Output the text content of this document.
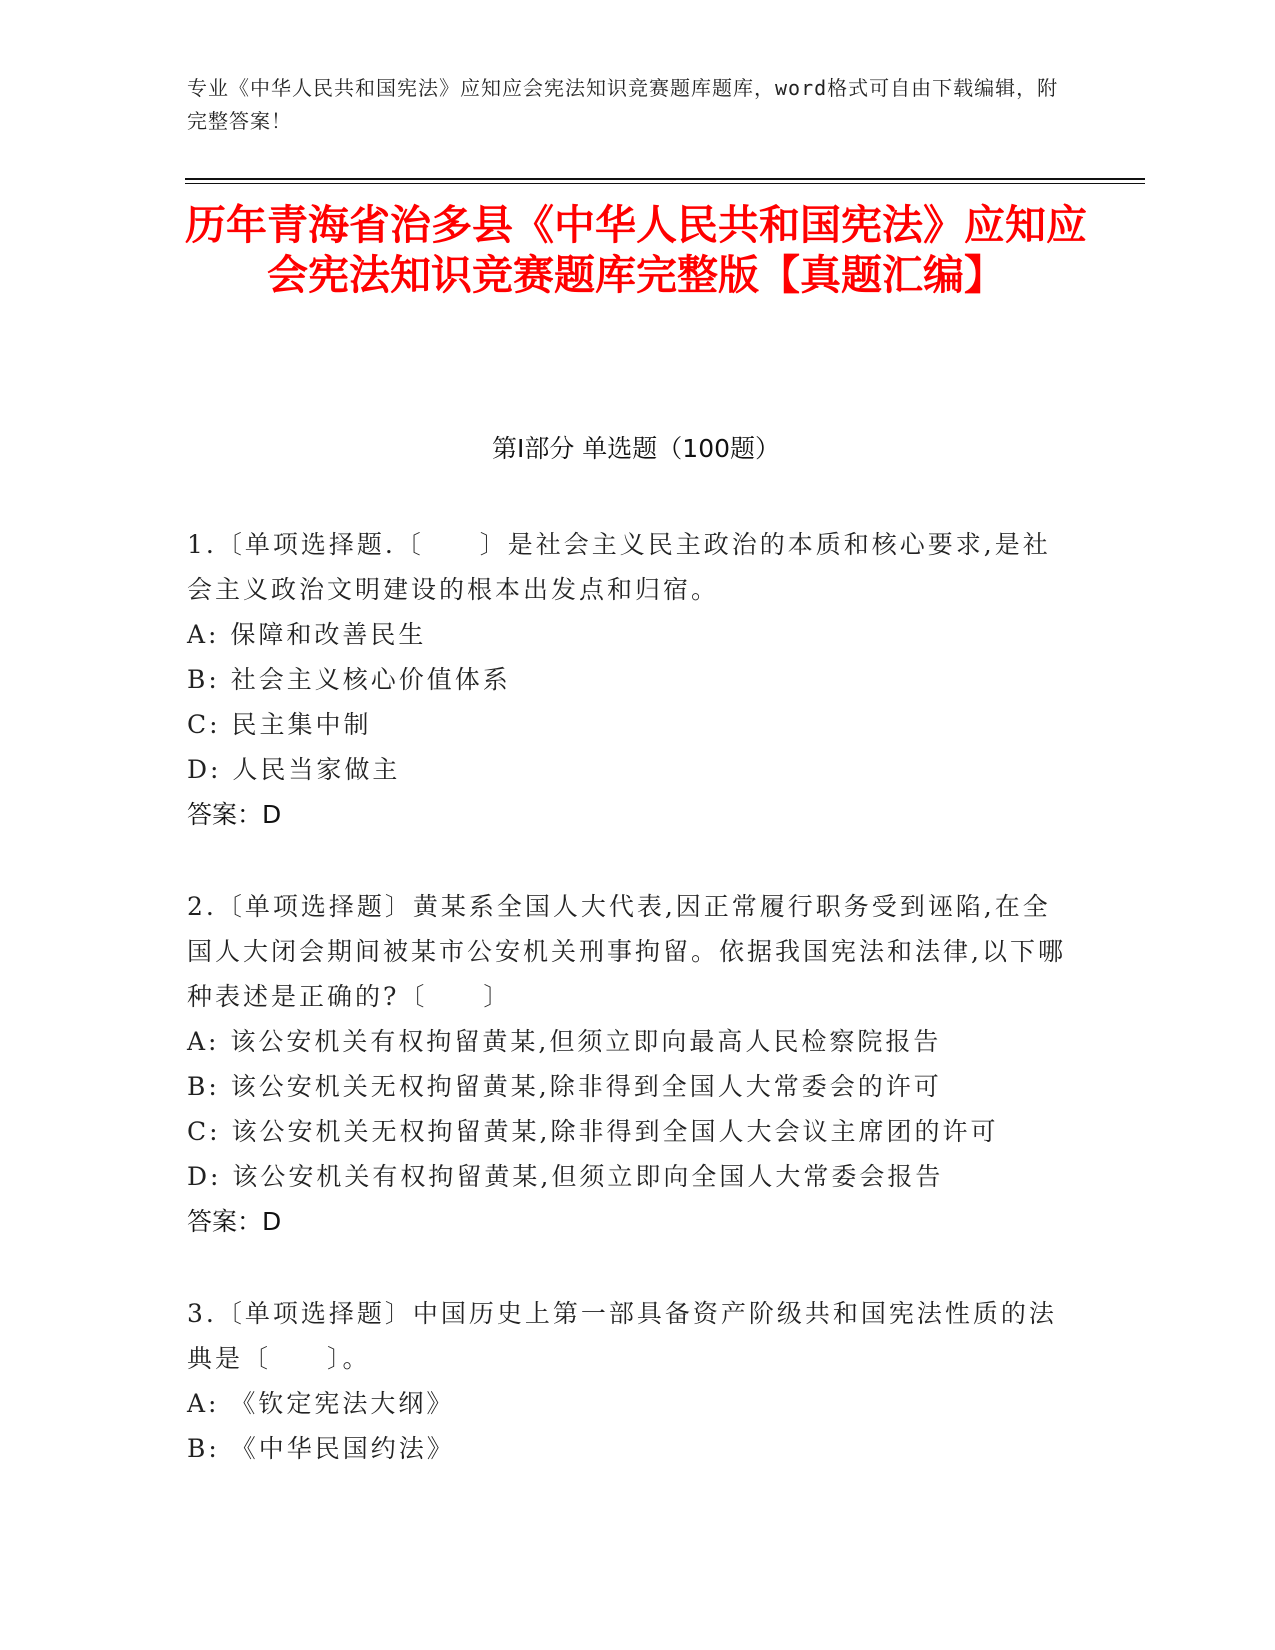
专业《中华人民共和国宪法》应知应会宪法知识竞赛题库题库，word格式可自由下载编辑，附完整答案！
历年青海省治多县《中华人民共和国宪法》应知应会宪法知识竞赛题库完整版【真题汇编】
第Ⅰ部分 单选题（100题）

1.〔单项选择题.〔　　〕是社会主义民主政治的本质和核心要求,是社会主义政治文明建设的根本出发点和归宿。

A: 保障和改善民生

B: 社会主义核心价值体系

C: 民主集中制

D: 人民当家做主

答案：D

2.〔单项选择题〕黄某系全国人大代表,因正常履行职务受到诬陷,在全国人大闭会期间被某市公安机关刑事拘留。依据我国宪法和法律,以下哪种表述是正确的?〔　　〕

A: 该公安机关有权拘留黄某,但须立即向最高人民检察院报告

B: 该公安机关无权拘留黄某,除非得到全国人大常委会的许可

C: 该公安机关无权拘留黄某,除非得到全国人大会议主席团的许可

D: 该公安机关有权拘留黄某,但须立即向全国人大常委会报告

答案：D

3.〔单项选择题〕中国历史上第一部具备资产阶级共和国宪法性质的法典是〔　　〕。

A: 《钦定宪法大纲》

B: 《中华民国约法》
